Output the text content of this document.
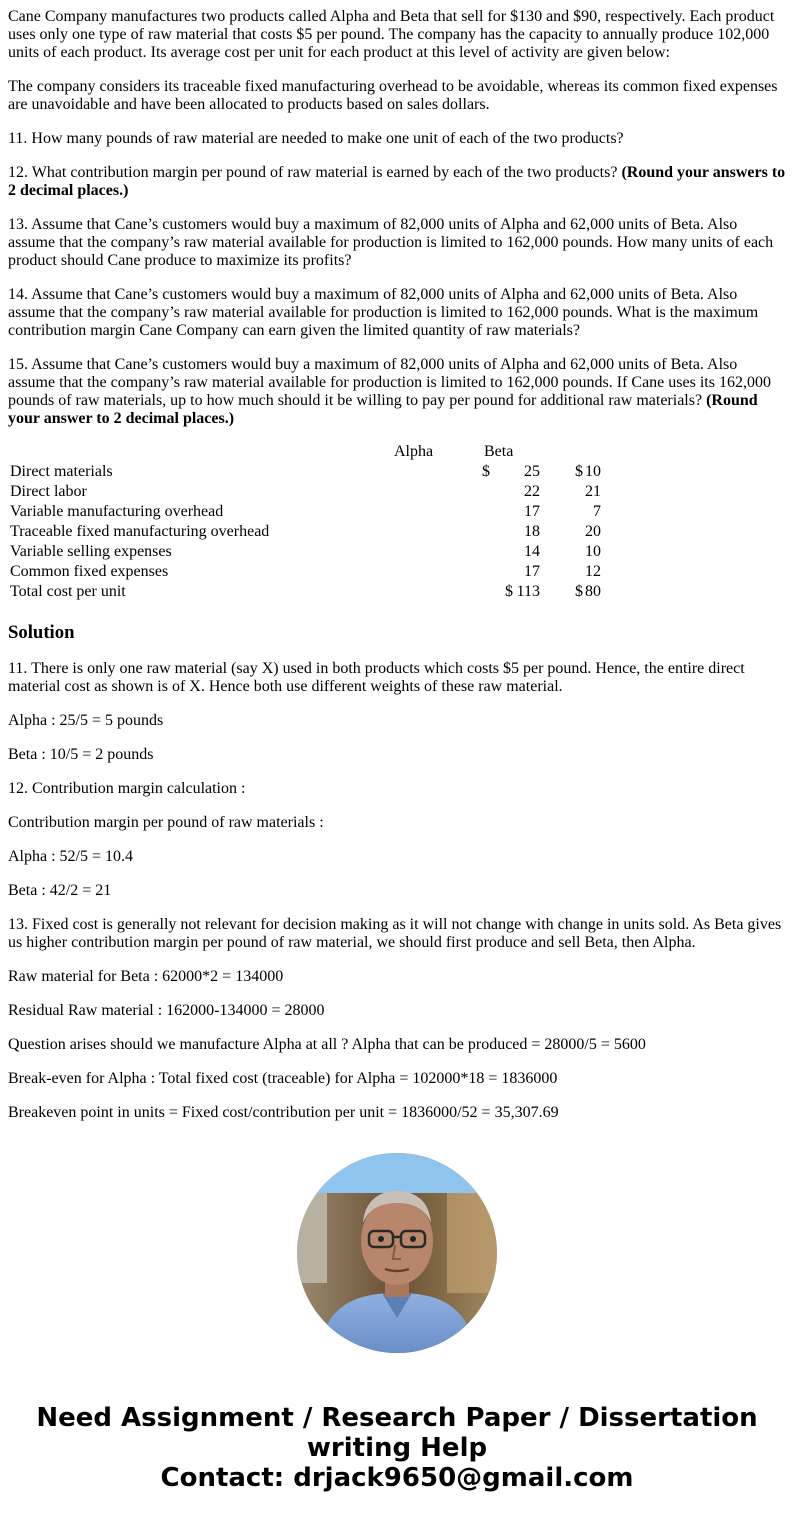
Cane Company manufactures two products called Alpha and Beta that sell for $130 and $90, respectively. Each product uses only one type of raw material that costs $5 per pound. The company has the capacity to annually produce 102,000 units of each product. Its average cost per unit for each product at this level of activity are given below:

The company considers its traceable fixed manufacturing overhead to be avoidable, whereas its common fixed expenses are unavoidable and have been allocated to products based on sales dollars.

11. How many pounds of raw material are needed to make one unit of each of the two products?

12. What contribution margin per pound of raw material is earned by each of the two products? (Round your answers to 2 decimal places.)

13. Assume that Cane’s customers would buy a maximum of 82,000 units of Alpha and 62,000 units of Beta. Also assume that the company’s raw material available for production is limited to 162,000 pounds. How many units of each product should Cane produce to maximize its profits?

14. Assume that Cane’s customers would buy a maximum of 82,000 units of Alpha and 62,000 units of Beta. Also assume that the company’s raw material available for production is limited to 162,000 pounds. What is the maximum contribution margin Cane Company can earn given the limited quantity of raw materials?

15. Assume that Cane’s customers would buy a maximum of 82,000 units of Alpha and 62,000 units of Beta. Also assume that the company’s raw material available for production is limited to 162,000 pounds. If Cane uses its 162,000 pounds of raw materials, up to how much should it be willing to pay per pound for additional raw materials? (Round your answer to 2 decimal places.)

	Alpha	Beta
Direct materials	$ 25	$ 10

Direct labor	22	21

Variable manufacturing overhead	17	7

Traceable fixed manufacturing overhead	18	20

Variable selling expenses	14	10

Common fixed expenses	17	12

Total cost per unit	$ 113	$ 80
Solution

11. There is only one raw material (say X) used in both products which costs $5 per pound. Hence, the entire direct material cost as shown is of X. Hence both use different weights of these raw material.

Alpha : 25/5 = 5 pounds

Beta : 10/5 = 2 pounds

12. Contribution margin calculation :

Contribution margin per pound of raw materials :

Alpha : 52/5 = 10.4

Beta : 42/2 = 21

13. Fixed cost is generally not relevant for decision making as it will not change with change in units sold. As Beta gives us higher contribution margin per pound of raw material, we should first produce and sell Beta, then Alpha.

Raw material for Beta : 62000*2 = 134000

Residual Raw material : 162000-134000 = 28000

Question arises should we manufacture Alpha at all ? Alpha that can be produced = 28000/5 = 5600

Break-even for Alpha : Total fixed cost (traceable) for Alpha = 102000*18 = 1836000

Breakeven point in units = Fixed cost/contribution per unit = 1836000/52 = 35,307.69

Need Assignment / Research Paper / Dissertation
writing Help
Contact: drjack9650@gmail.com
